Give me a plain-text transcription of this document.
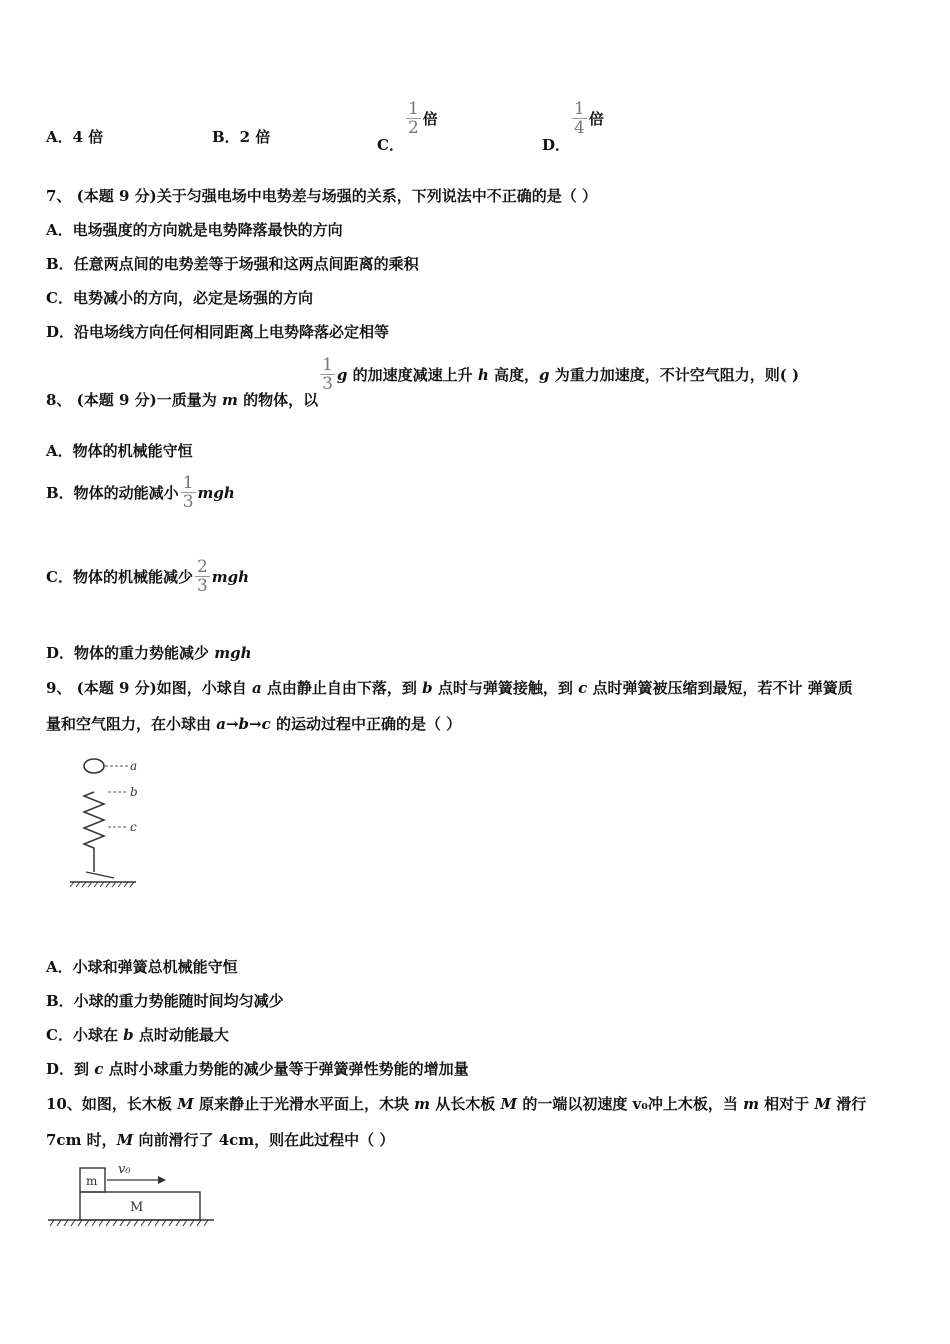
A．4 倍	B．2 倍	C．
$\frac{1}{2}$ 倍
D．
$\frac{1}{4}$ 倍
7、 (本题 9 分)关于匀强电场中电势差与场强的关系，下列说法中不正确的是（ ）
A．电场强度的方向就是电势降落最快的方向
B．任意两点间的电势差等于场强和这两点间距离的乘积
C．电势减小的方向，必定是场强的方向
D．沿电场线方向任何相同距离上电势降落必定相等
8、 (本题 9 分)一质量为 m 的物体，以
$\frac{1}{3}$ g 的加速度减速上升 h 高度，g 为重力加速度，不计空气阻力，则( )
A．物体的机械能守恒
B．物体的动能减小 $\frac{1}{3}$ mgh
C．物体的机械能减少 $\frac{2}{3}$ mgh
D．物体的重力势能减少 mgh
9、 (本题 9 分)如图，小球自 a 点由静止自由下落，到 b 点时与弹簧接触，到 c 点时弹簧被压缩到最短，若不计 弹簧质
量和空气阻力，在小球由 a→b→c 的运动过程中正确的是（ ）
a
b
c
A．小球和弹簧总机械能守恒
B．小球的重力势能随时间均匀减少
C．小球在 b 点时动能最大
D．到 c 点时小球重力势能的减少量等于弹簧弹性势能的增加量
10、如图，长木板 M 原来静止于光滑水平面上，木块 m 从长木板 M 的一端以初速度 v₀冲上木板，当 m 相对于 M 滑行
7cm 时，M 向前滑行了 4cm，则在此过程中（ ）
m
M
v₀
